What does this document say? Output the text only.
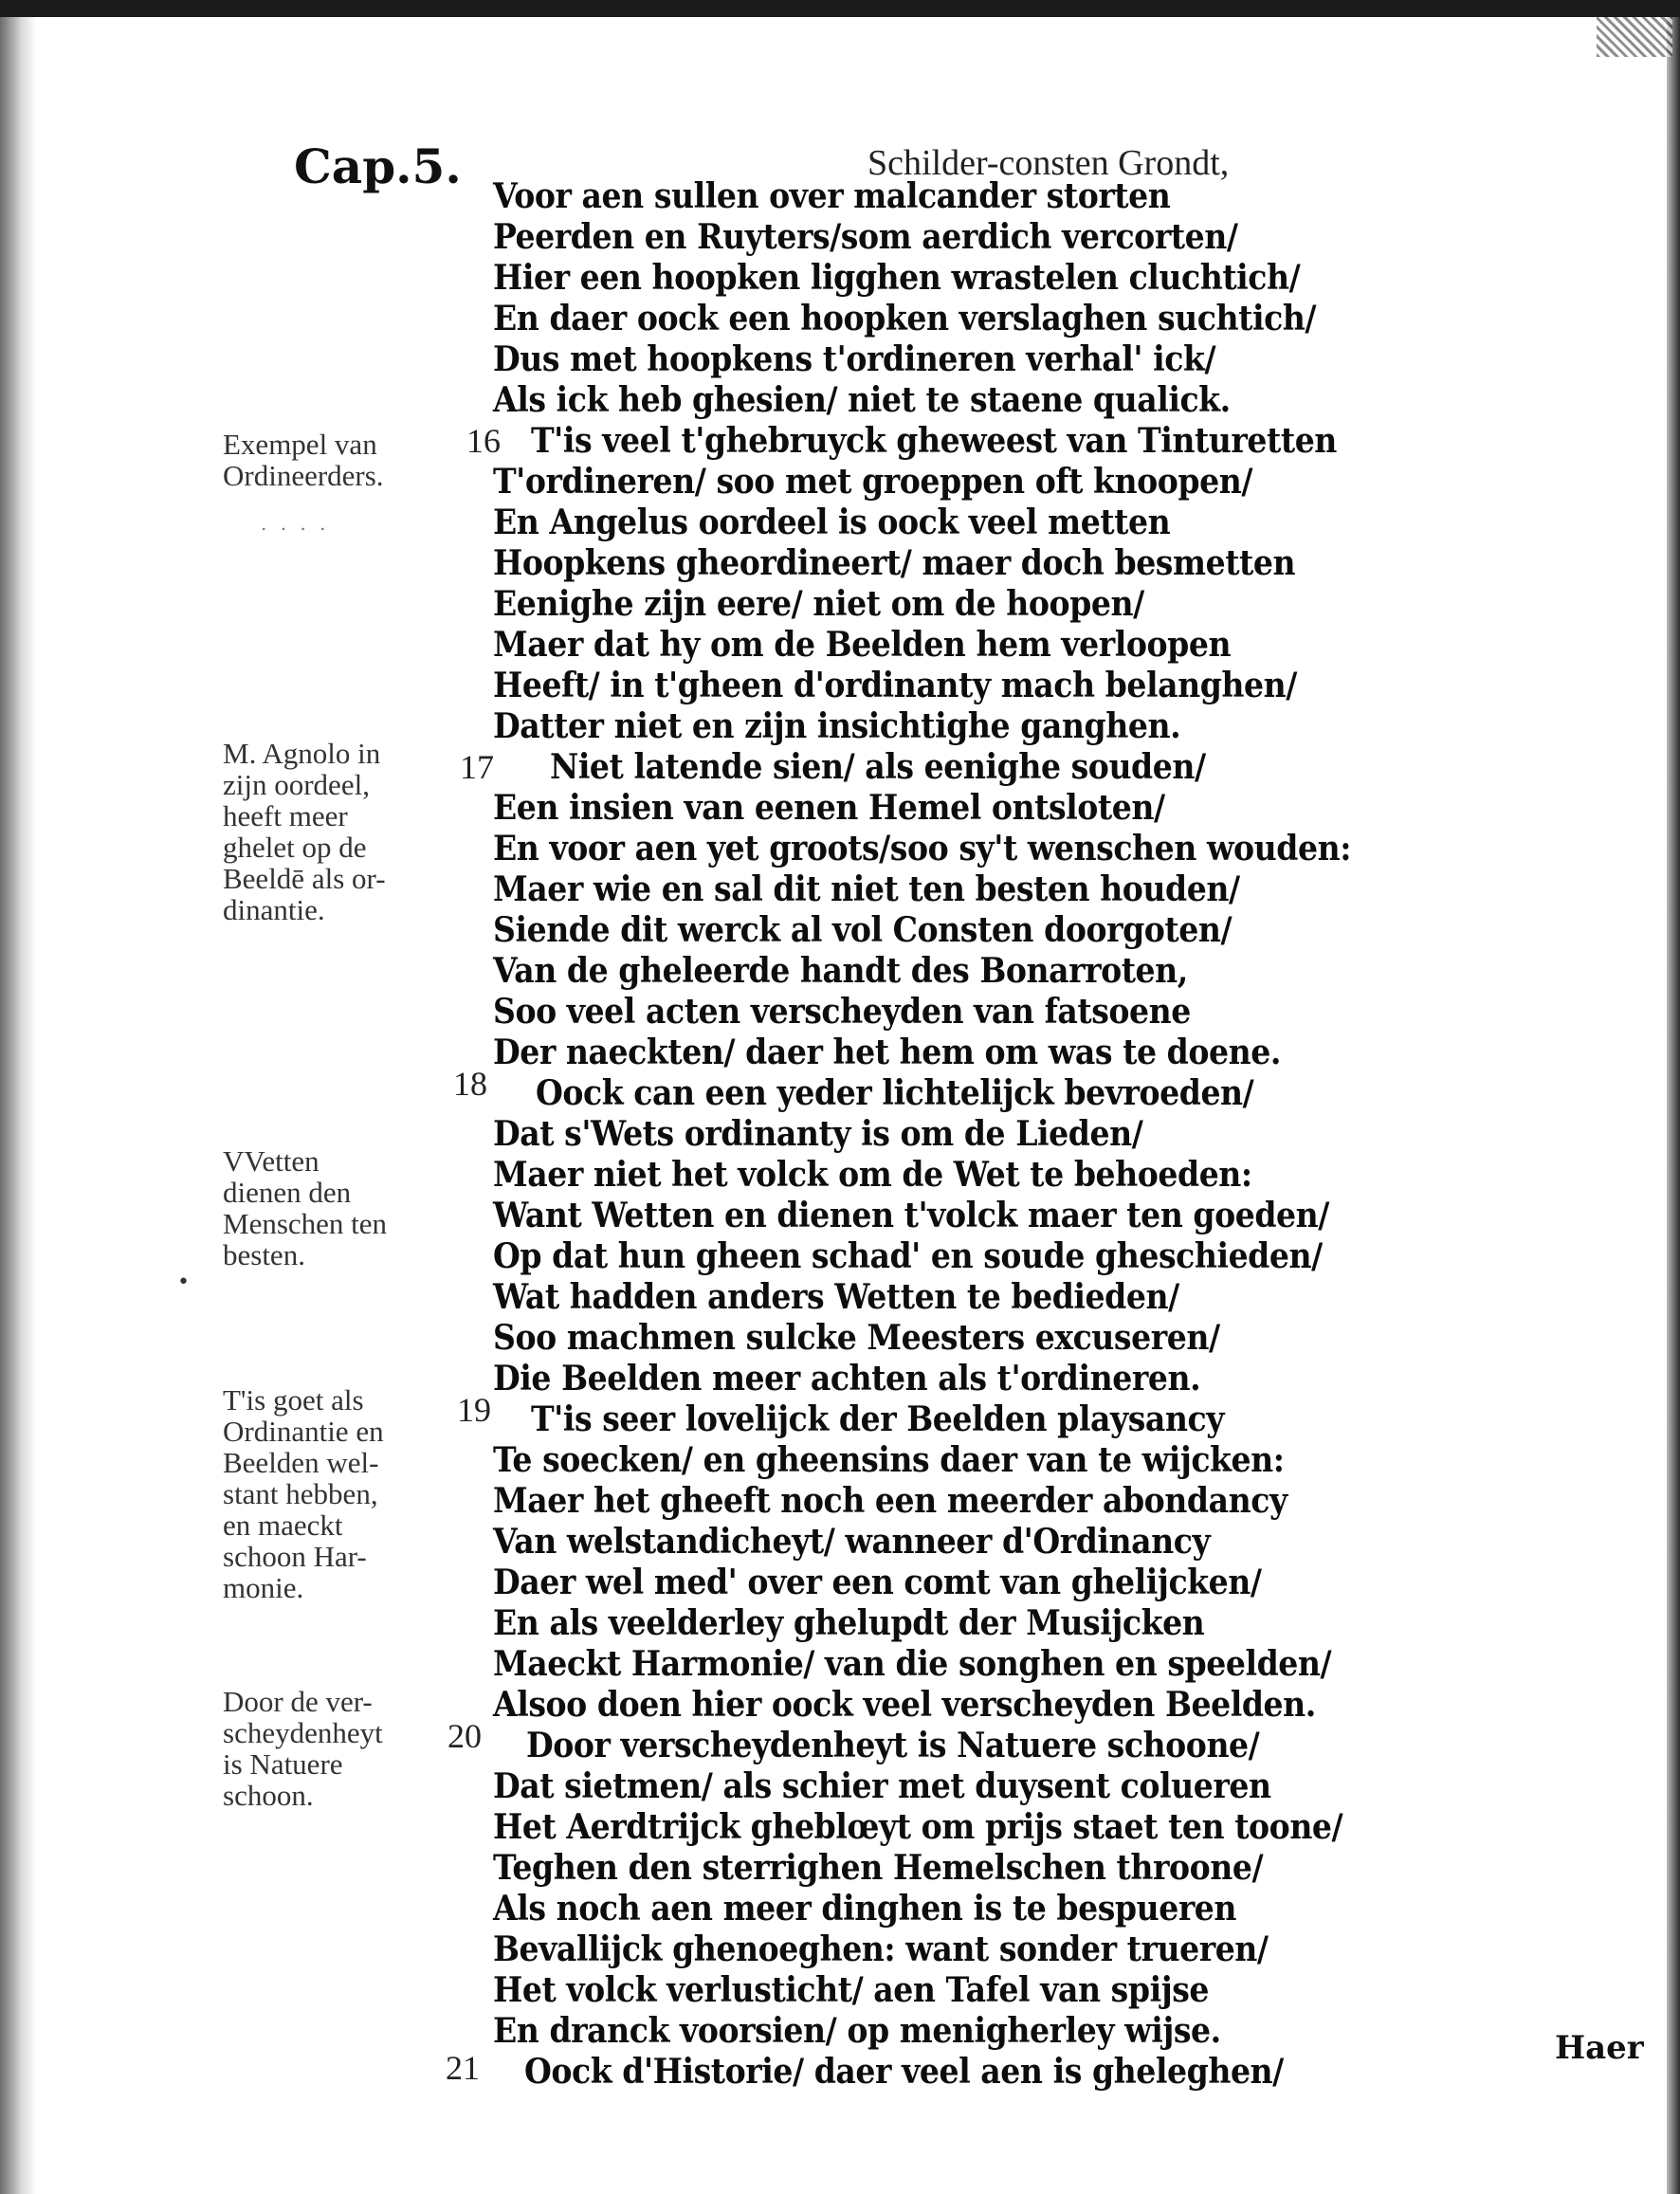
Cap.5.	Schilder-consten Grondt,
Voor aen sullen over malcander storten
Peerden en Ruyters/som aerdich vercorten/
Hier een hoopken ligghen wrastelen cluchtich/
En daer oock een hoopken verslaghen suchtich/
Dus met hoopkens t'ordineren verhal' ick/
Als ick heb ghesien/ niet te staene qualick.
T'is veel t'ghebruyck gheweest van Tinturetten
T'ordineren/ soo met groeppen oft knoopen/
En Angelus oordeel is oock veel metten
Hoopkens gheordineert/ maer doch besmetten
Eenighe zijn eere/ niet om de hoopen/
Maer dat hy om de Beelden hem verloopen
Heeft/ in t'gheen d'ordinanty mach belanghen/
Datter niet en zijn insichtighe ganghen.
Niet latende sien/ als eenighe souden/
Een insien van eenen Hemel ontsloten/
En voor aen yet groots/soo sy't wenschen wouden:
Maer wie en sal dit niet ten besten houden/
Siende dit werck al vol Consten doorgoten/
Van de gheleerde handt des Bonarroten,
Soo veel acten verscheyden van fatsoene
Der naeckten/ daer het hem om was te doene.
Oock can een yeder lichtelijck bevroeden/
Dat s'Wets ordinanty is om de Lieden/
Maer niet het volck om de Wet te behoeden:
Want Wetten en dienen t'volck maer ten goeden/
Op dat hun gheen schad' en soude gheschieden/
Wat hadden anders Wetten te bedieden/
Soo machmen sulcke Meesters excuseren/
Die Beelden meer achten als t'ordineren.
T'is seer lovelijck der Beelden playsancy
Te soecken/ en gheensins daer van te wijcken:
Maer het gheeft noch een meerder abondancy
Van welstandicheyt/ wanneer d'Ordinancy
Daer wel med' over een comt van ghelijcken/
En als veelderley ghelupdt der Musijcken
Maeckt Harmonie/ van die songhen en speelden/
Alsoo doen hier oock veel verscheyden Beelden.
Door verscheydenheyt is Natuere schoone/
Dat sietmen/ als schier met duysent colueren
Het Aerdtrijck gheblœyt om prijs staet ten toone/
Teghen den sterrighen Hemelschen throone/
Als noch aen meer dinghen is te bespueren
Bevallijck ghenoeghen: want sonder trueren/
Het volck verlusticht/ aen Tafel van spijse
En dranck voorsien/ op menigherley wijse.
Oock d'Historie/ daer veel aen is gheleghen/
16
17
18
19
20
21
Exempel van
Ordineerders.
. . . .
M. Agnolo in
zijn oordeel,
heeft meer
ghelet op de
Beeldē als or-
dinantie.
VVetten
dienen den
Menschen ten
besten.
•
T'is goet als
Ordinantie en
Beelden wel-
stant hebben,
en maeckt
schoon Har-
monie.
Door de ver-
scheydenheyt
is Natuere
schoon.
Haer
